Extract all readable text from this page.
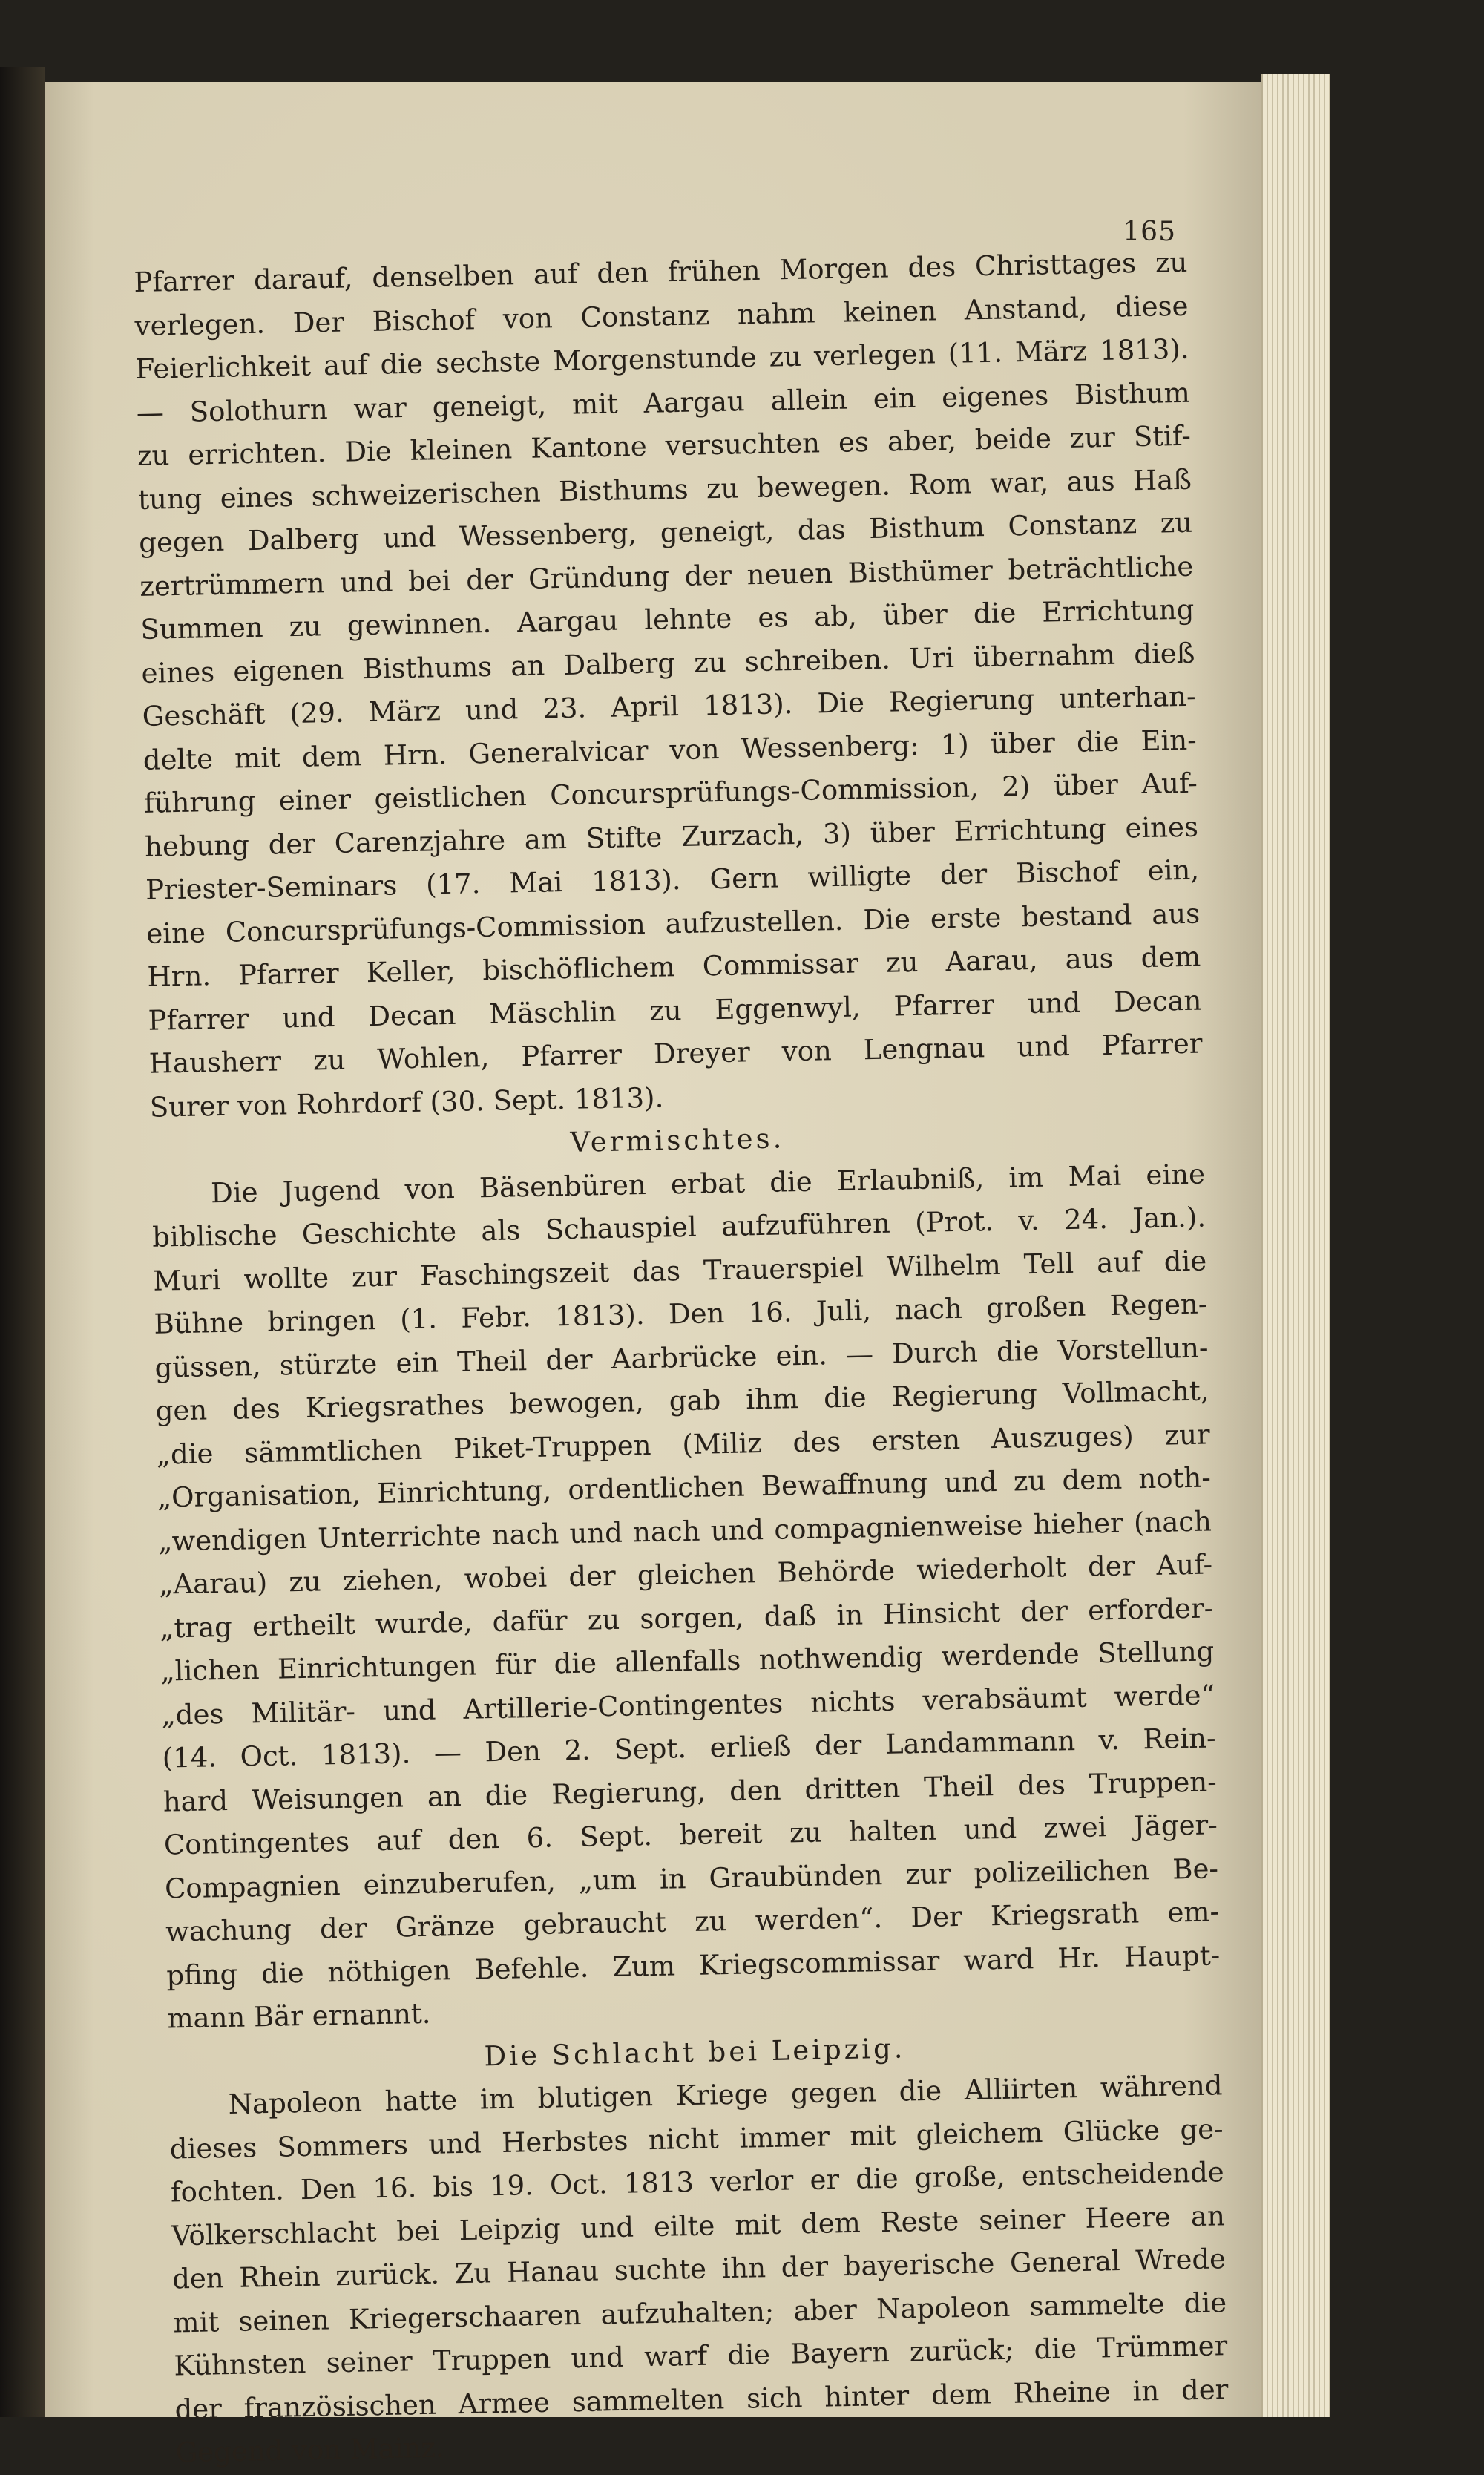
165
Pfarrer darauf, denselben auf den frühen Morgen des Christtages zu
verlegen. Der Bischof von Constanz nahm keinen Anstand, diese
Feierlichkeit auf die sechste Morgenstunde zu verlegen (11. März 1813).
— Solothurn war geneigt, mit Aargau allein ein eigenes Bisthum
zu errichten. Die kleinen Kantone versuchten es aber, beide zur Stif-
tung eines schweizerischen Bisthums zu bewegen. Rom war, aus Haß
gegen Dalberg und Wessenberg, geneigt, das Bisthum Constanz zu
zertrümmern und bei der Gründung der neuen Bisthümer beträchtliche
Summen zu gewinnen. Aargau lehnte es ab, über die Errichtung
eines eigenen Bisthums an Dalberg zu schreiben. Uri übernahm dieß
Geschäft (29. März und 23. April 1813). Die Regierung unterhan-
delte mit dem Hrn. Generalvicar von Wessenberg: 1) über die Ein-
führung einer geistlichen Concursprüfungs-Commission, 2) über Auf-
hebung der Carenzjahre am Stifte Zurzach, 3) über Errichtung eines
Priester-Seminars (17. Mai 1813). Gern willigte der Bischof ein,
eine Concursprüfungs-Commission aufzustellen. Die erste bestand aus
Hrn. Pfarrer Keller, bischöflichem Commissar zu Aarau, aus dem
Pfarrer und Decan Mäschlin zu Eggenwyl, Pfarrer und Decan
Hausherr zu Wohlen, Pfarrer Dreyer von Lengnau und Pfarrer
Surer von Rohrdorf (30. Sept. 1813).
Vermischtes.
Die Jugend von Bäsenbüren erbat die Erlaubniß, im Mai eine
biblische Geschichte als Schauspiel aufzuführen (Prot. v. 24. Jan.).
Muri wollte zur Faschingszeit das Trauerspiel Wilhelm Tell auf die
Bühne bringen (1. Febr. 1813). Den 16. Juli, nach großen Regen-
güssen, stürzte ein Theil der Aarbrücke ein. — Durch die Vorstellun-
gen des Kriegsrathes bewogen, gab ihm die Regierung Vollmacht,
„die sämmtlichen Piket-Truppen (Miliz des ersten Auszuges) zur
„Organisation, Einrichtung, ordentlichen Bewaffnung und zu dem noth-
„wendigen Unterrichte nach und nach und compagnienweise hieher (nach
„Aarau) zu ziehen, wobei der gleichen Behörde wiederholt der Auf-
„trag ertheilt wurde, dafür zu sorgen, daß in Hinsicht der erforder-
„lichen Einrichtungen für die allenfalls nothwendig werdende Stellung
„des Militär- und Artillerie-Contingentes nichts verabsäumt werde“
(14. Oct. 1813). — Den 2. Sept. erließ der Landammann v. Rein-
hard Weisungen an die Regierung, den dritten Theil des Truppen-
Contingentes auf den 6. Sept. bereit zu halten und zwei Jäger-
Compagnien einzuberufen, „um in Graubünden zur polizeilichen Be-
wachung der Gränze gebraucht zu werden“. Der Kriegsrath em-
pfing die nöthigen Befehle. Zum Kriegscommissar ward Hr. Haupt-
mann Bär ernannt.
Die Schlacht bei Leipzig.
Napoleon hatte im blutigen Kriege gegen die Alliirten während
dieses Sommers und Herbstes nicht immer mit gleichem Glücke ge-
fochten. Den 16. bis 19. Oct. 1813 verlor er die große, entscheidende
Völkerschlacht bei Leipzig und eilte mit dem Reste seiner Heere an
den Rhein zurück. Zu Hanau suchte ihn der bayerische General Wrede
mit seinen Kriegerschaaren aufzuhalten; aber Napoleon sammelte die
Kühnsten seiner Truppen und warf die Bayern zurück; die Trümmer
der französischen Armee sammelten sich hinter dem Rheine in der
Gegend von Mainz.
